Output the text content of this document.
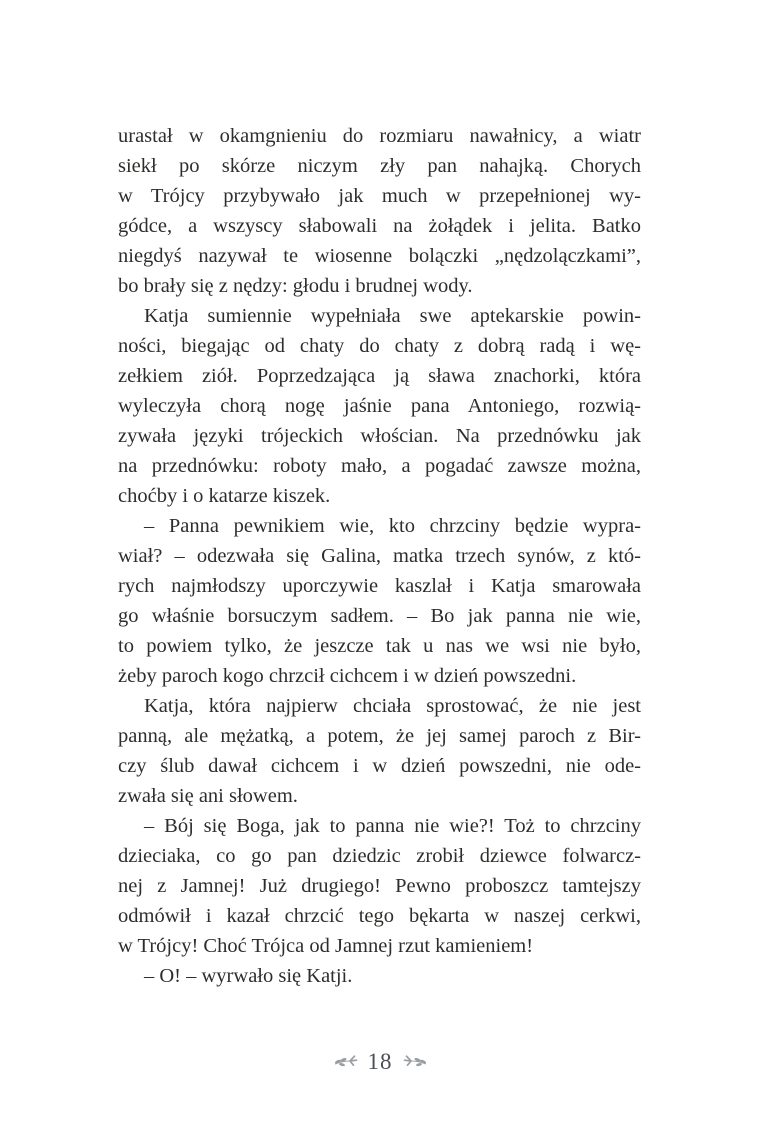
urastał w okamgnieniu do rozmiaru nawałnicy, a wiatr
siekł po skórze niczym zły pan nahajką. Chorych
w Trójcy przybywało jak much w przepełnionej wy-
gódce, a wszyscy słabowali na żołądek i jelita. Batko
niegdyś nazywał te wiosenne bolączki „nędzolączkami”,
bo brały się z nędzy: głodu i brudnej wody.

Katja sumiennie wypełniała swe aptekarskie powin-
ności, biegając od chaty do chaty z dobrą radą i wę-
zełkiem ziół. Poprzedzająca ją sława znachorki, która
wyleczyła chorą nogę jaśnie pana Antoniego, rozwią-
zywała języki trójeckich włościan. Na przednówku jak
na przednówku: roboty mało, a pogadać zawsze można,
choćby i o katarze kiszek.

– Panna pewnikiem wie, kto chrzciny będzie wypra-
wiał? – odezwała się Galina, matka trzech synów, z któ-
rych najmłodszy uporczywie kaszlał i Katja smarowała
go właśnie borsuczym sadłem. – Bo jak panna nie wie,
to powiem tylko, że jeszcze tak u nas we wsi nie było,
żeby paroch kogo chrzcił cichcem i w dzień powszedni.

Katja, która najpierw chciała sprostować, że nie jest
panną, ale mężatką, a potem, że jej samej paroch z Bir-
czy ślub dawał cichcem i w dzień powszedni, nie ode-
zwała się ani słowem.

– Bój się Boga, jak to panna nie wie?! Toż to chrzciny
dzieciaka, co go pan dziedzic zrobił dziewce folwarcz-
nej z Jamnej! Już drugiego! Pewno proboszcz tamtejszy
odmówił i kazał chrzcić tego bękarta w naszej cerkwi,
w Trójcy! Choć Trójca od Jamnej rzut kamieniem!

– O! – wyrwało się Katji.

18
